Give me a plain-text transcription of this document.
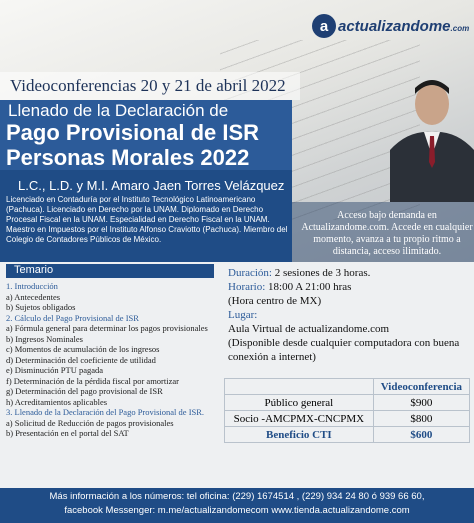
a actualizandome.com
Videoconferencias 20 y 21 de abril 2022
Llenado de la Declaración de
Pago Provisional de ISR
Personas Morales 2022
L.C., L.D. y M.I. Amaro Jaen Torres Velázquez
Licenciado en Contaduría por el Instituto Tecnológico Latinoamericano (Pachuca). Licenciado en Derecho por la UNAM. Diplomado en Derecho Procesal Fiscal en la UNAM. Especialidad en Derecho Fiscal en la UNAM. Maestro en Impuestos por el Instituto Alfonso Craviotto (Pachuca). Miembro del Colegio de Contadores Públicos de México.
Acceso bajo demanda en Actualizandome.com. Accede en cualquier momento, avanza a tu propio ritmo a distancia, acceso ilimitado.
Temario
1. Introducción
a) Antecedentes
b) Sujetos obligados
2. Cálculo del Pago Provisional de ISR
a) Fórmula general para determinar los pagos provisionales
b) Ingresos Nominales
c) Momentos de acumulación de los ingresos
d) Determinación del coeficiente de utilidad
e) Disminución PTU pagada
f) Determinación de la pérdida fiscal por amortizar
g) Determinación del pago provisional de ISR
h) Acreditamientos aplicables
3. Llenado de la Declaración del Pago Provisional de ISR.
a) Solicitud de Reducción de pagos provisionales
b) Presentación en el portal del SAT
Duración: 2 sesiones de 3 horas.
Horario: 18:00 A 21:00 hras
(Hora centro de MX)
Lugar:
Aula Virtual de actualizandome.com
(Disponible desde cualquier computadora con buena conexión a internet)
	Videoconferencia
Público general	$900
Socio -AMCPMX-CNCPMX	$800
Beneficio CTI	$600
Más información a los números: tel oficina: (229) 1674514 , (229) 934 24 80 ó 939 66 60,
facebook Messenger: m.me/actualizandomecom www.tienda.actualizandome.com
